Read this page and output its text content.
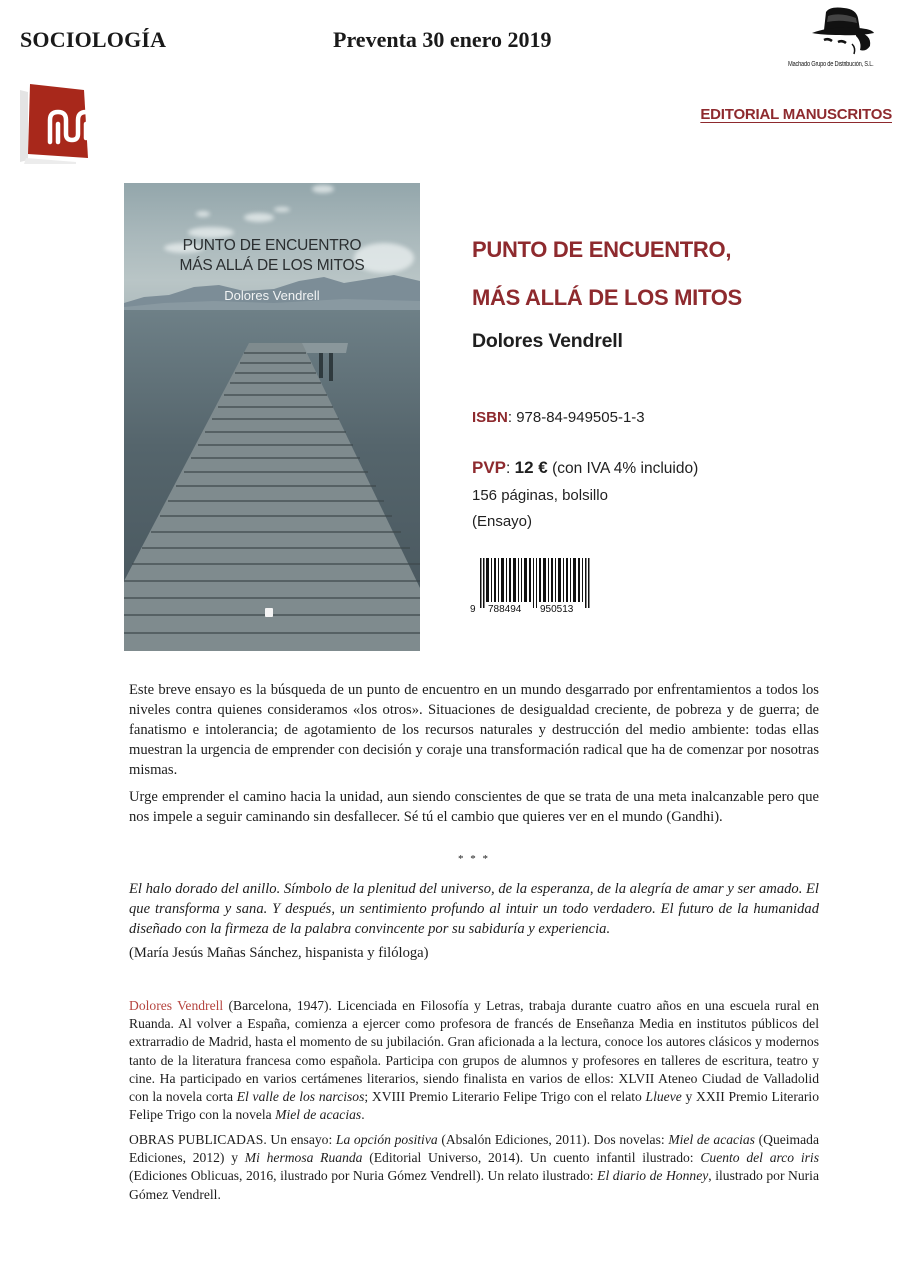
SOCIOLOGÍA	Preventa 30 enero 2019
Machado Grupo de Distribución, S.L.
EDITORIAL MANUSCRITOS
PUNTO DE ENCUENTRO
MÁS ALLÁ DE LOS MITOS
Dolores Vendrell
PUNTO DE ENCUENTRO,
MÁS ALLÁ DE LOS MITOS
Dolores Vendrell
ISBN: 978-84-949505-1-3
PVP: 12 € (con IVA 4% incluido)
156 páginas, bolsillo
(Ensayo)
9 788494 950513

Este breve ensayo es la búsqueda de un punto de encuentro en un mundo desgarrado por enfrentamientos a todos los niveles contra quienes consideramos «los otros». Situaciones de desigualdad creciente, de pobreza y de guerra; de fanatismo e intolerancia; de agotamiento de los recursos naturales y destrucción del medio ambiente: todas ellas muestran la urgencia de emprender con decisión y coraje una transformación radical que ha de comenzar por nosotras mismas.

Urge emprender el camino hacia la unidad, aun siendo conscientes de que se trata de una meta inalcanzable pero que nos impele a seguir caminando sin desfallecer. Sé tú el cambio que quieres ver en el mundo (Gandhi).

* * *

El halo dorado del anillo. Símbolo de la plenitud del universo, de la esperanza, de la alegría de amar y ser amado. El que transforma y sana. Y después, un sentimiento profundo al intuir un todo verdadero. El futuro de la humanidad diseñado con la firmeza de la palabra convincente por su sabiduría y experiencia.

(María Jesús Mañas Sánchez, hispanista y filóloga)

Dolores Vendrell (Barcelona, 1947). Licenciada en Filosofía y Letras, trabaja durante cuatro años en una escuela rural en Ruanda. Al volver a España, comienza a ejercer como profesora de francés de Enseñanza Media en institutos públicos del extrarradio de Madrid, hasta el momento de su jubilación. Gran aficionada a la lectura, conoce los autores clásicos y modernos tanto de la literatura francesa como española. Participa con grupos de alumnos y profesores en talleres de escritura, teatro y cine. Ha participado en varios certámenes literarios, siendo finalista en varios de ellos: XLVII Ateneo Ciudad de Valladolid con la novela corta El valle de los narcisos; XVIII Premio Literario Felipe Trigo con el relato Llueve y XXII Premio Literario Felipe Trigo con la novela Miel de acacias.

OBRAS PUBLICADAS. Un ensayo: La opción positiva (Absalón Ediciones, 2011). Dos novelas: Miel de acacias (Queimada Ediciones, 2012) y Mi hermosa Ruanda (Editorial Universo, 2014). Un cuento infantil ilustrado: Cuento del arco iris (Ediciones Oblicuas, 2016, ilustrado por Nuria Gómez Vendrell). Un relato ilustrado: El diario de Honney, ilustrado por Nuria Gómez Vendrell.
